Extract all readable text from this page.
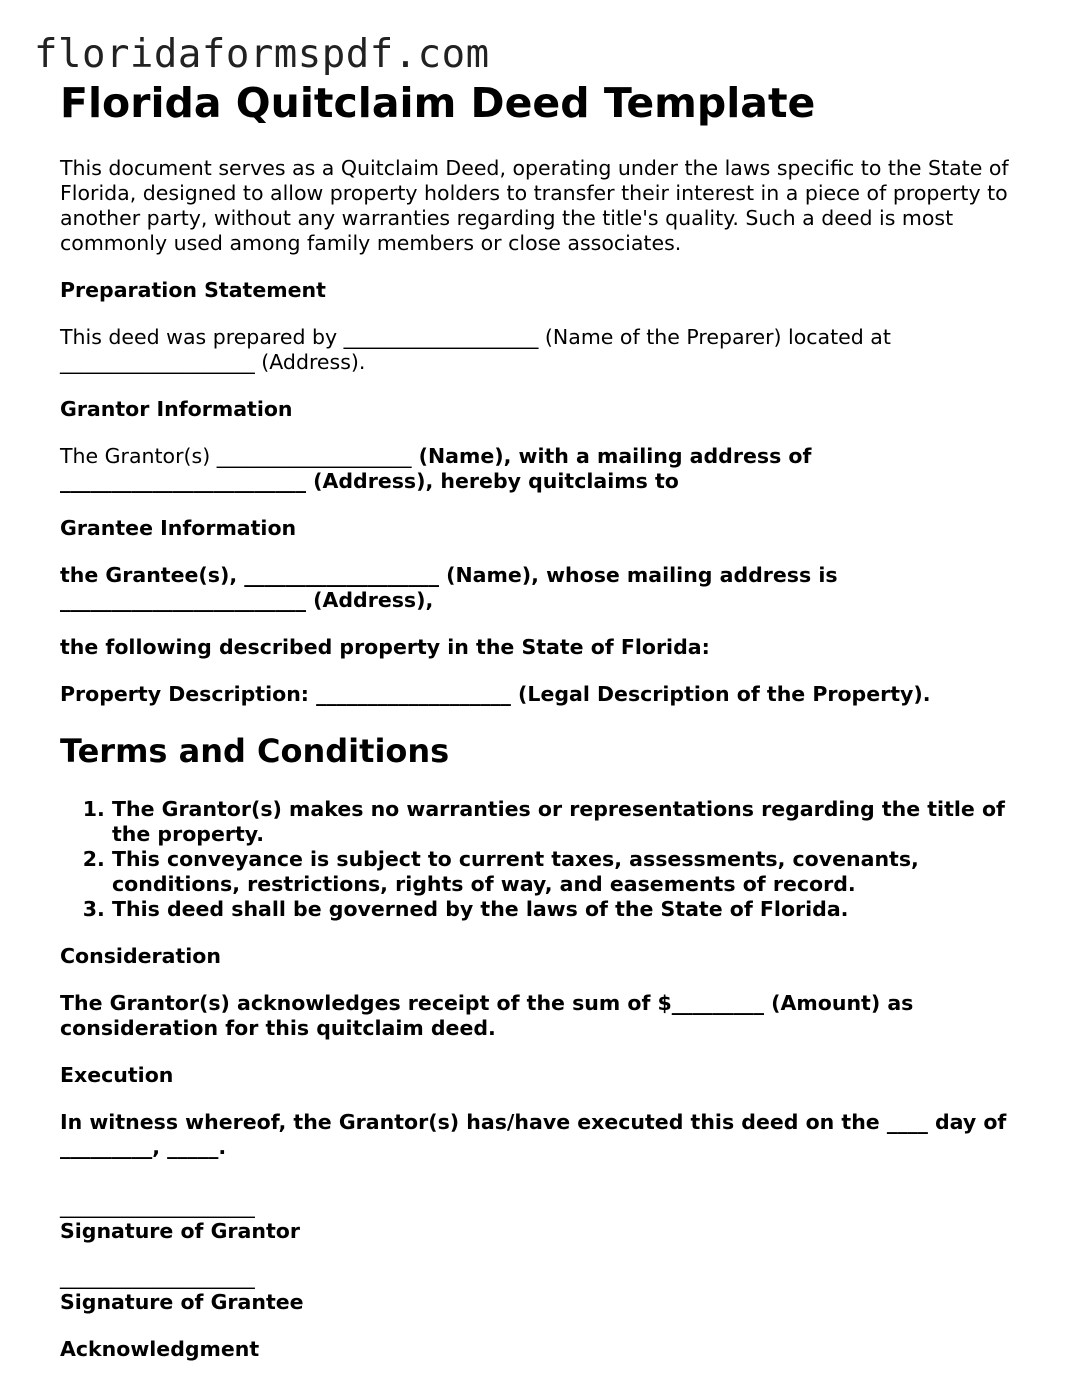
floridaformspdf.com
Florida Quitclaim Deed Template

This document serves as a Quitclaim Deed, operating under the laws specific to the State of Florida, designed to allow property holders to transfer their interest in a piece of property to another party, without any warranties regarding the title's quality. Such a deed is most commonly used among family members or close associates.

Preparation Statement

This deed was prepared by ___________________ (Name of the Preparer) located at ___________________ (Address).

Grantor Information

The Grantor(s) ___________________ (Name), with a mailing address of ________________________ (Address), hereby quitclaims to

Grantee Information

the Grantee(s), ___________________ (Name), whose mailing address is ________________________ (Address),

the following described property in the State of Florida:

Property Description: ___________________ (Legal Description of the Property).

Terms and Conditions
1. The Grantor(s) makes no warranties or representations regarding the title of the property.
2. This conveyance is subject to current taxes, assessments, covenants, conditions, restrictions, rights of way, and easements of record.
3. This deed shall be governed by the laws of the State of Florida.

Consideration

The Grantor(s) acknowledges receipt of the sum of $_________ (Amount) as consideration for this quitclaim deed.

Execution

In witness whereof, the Grantor(s) has/have executed this deed on the ____ day of _________, _____.

___________________

Signature of Grantor

___________________

Signature of Grantee

Acknowledgment
